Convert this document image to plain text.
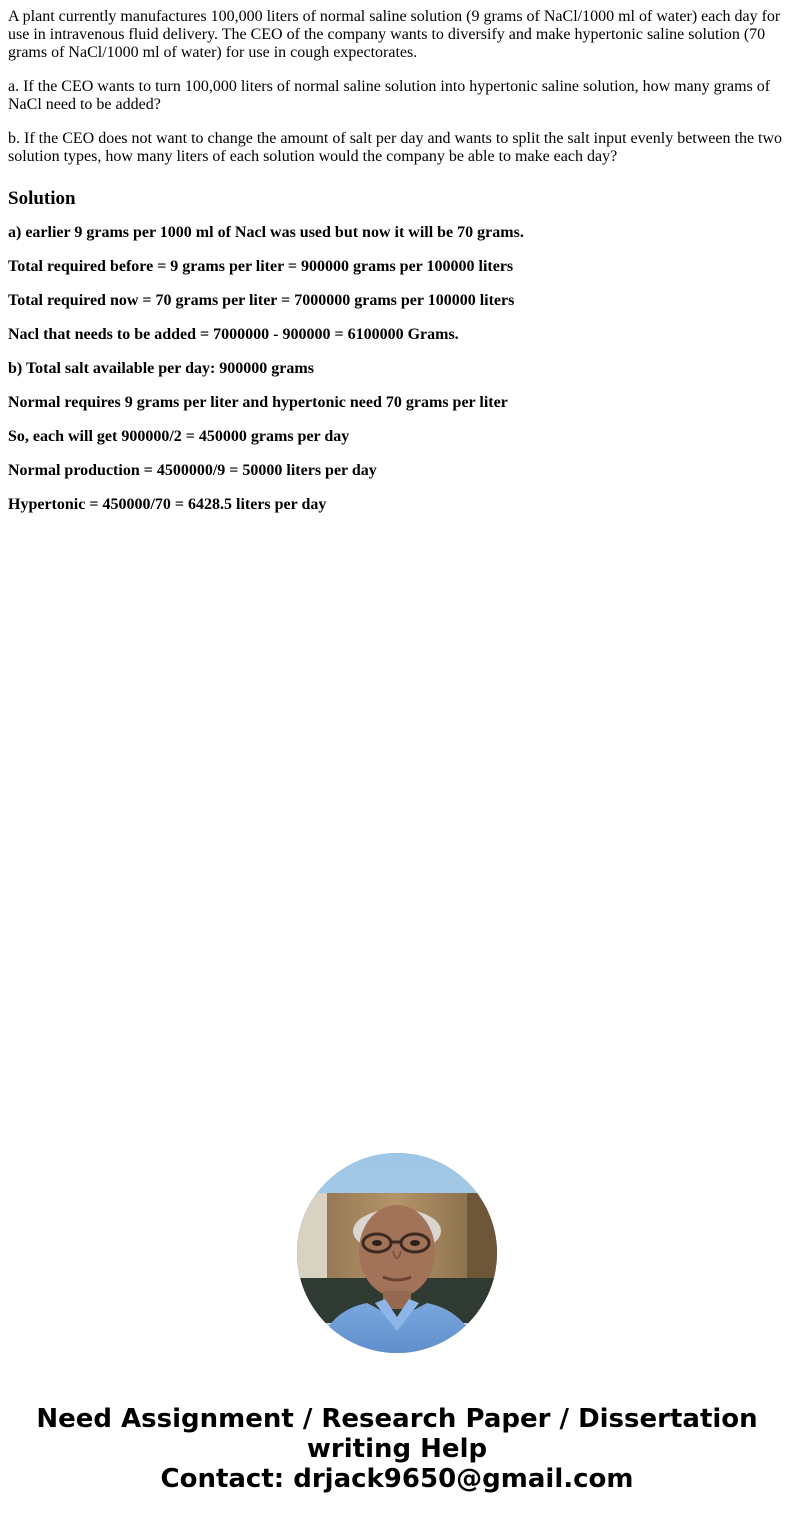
A plant currently manufactures 100,000 liters of normal saline solution (9 grams of NaCl/1000 ml of water) each day for use in intravenous fluid delivery. The CEO of the company wants to diversify and make hypertonic saline solution (70 grams of NaCl/1000 ml of water) for use in cough expectorates.

a. If the CEO wants to turn 100,000 liters of normal saline solution into hypertonic saline solution, how many grams of NaCl need to be added?

b. If the CEO does not want to change the amount of salt per day and wants to split the salt input evenly between the two solution types, how many liters of each solution would the company be able to make each day?

Solution

a) earlier 9 grams per 1000 ml of Nacl was used but now it will be 70 grams.

Total required before = 9 grams per liter = 900000 grams per 100000 liters

Total required now = 70 grams per liter = 7000000 grams per 100000 liters

Nacl that needs to be added = 7000000 - 900000 = 6100000 Grams.

b) Total salt available per day: 900000 grams

Normal requires 9 grams per liter and hypertonic need 70 grams per liter

So, each will get 900000/2 = 450000 grams per day

Normal production = 4500000/9 = 50000 liters per day

Hypertonic = 450000/70 = 6428.5 liters per day

Need Assignment / Research Paper / Dissertation
writing Help
Contact: drjack9650@gmail.com
